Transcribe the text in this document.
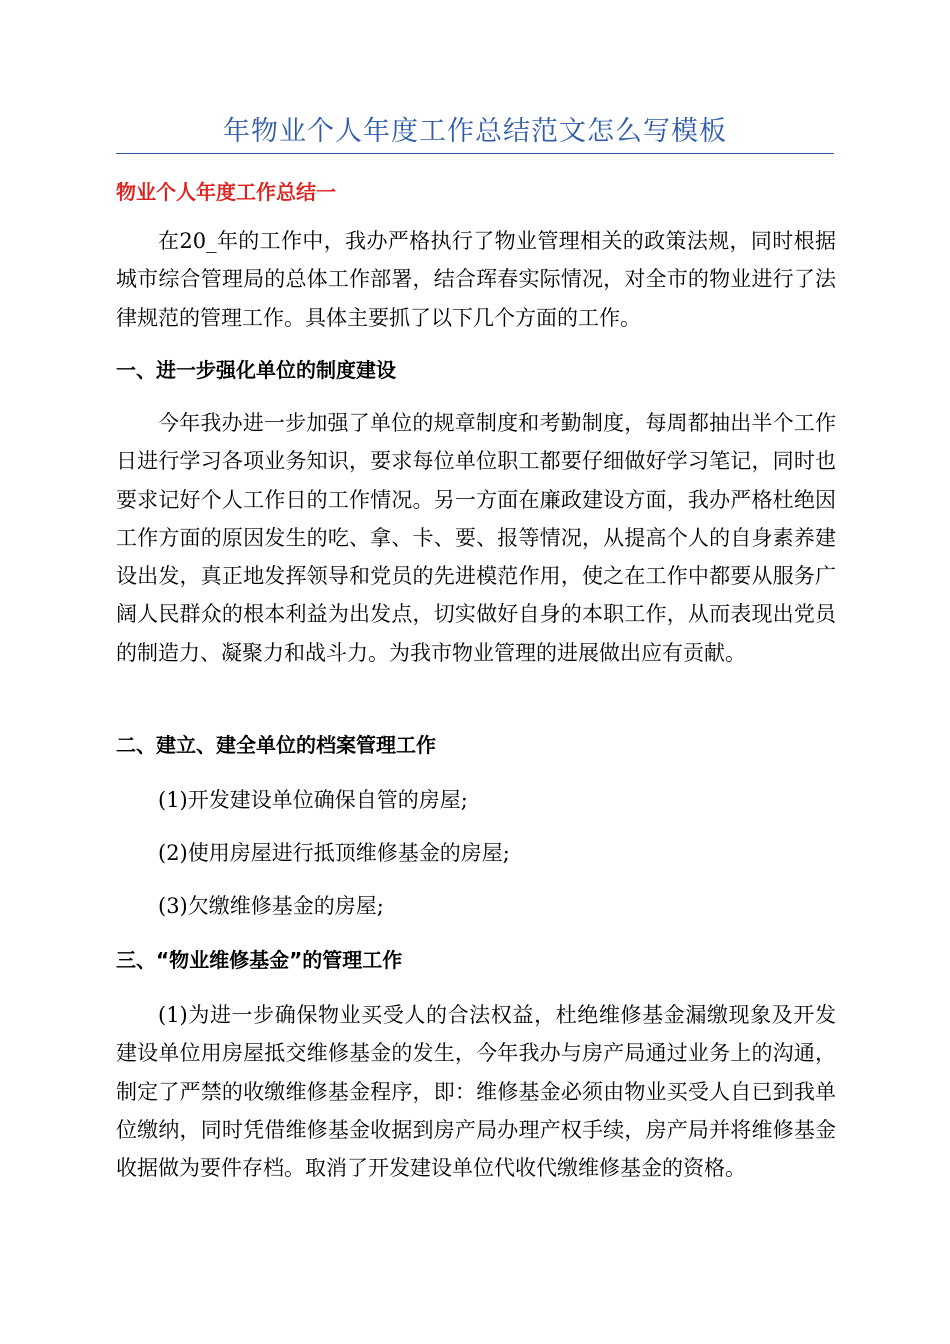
年物业个人年度工作总结范文怎么写模板
物业个人年度工作总结一

在20_年的工作中，我办严格执行了物业管理相关的政策法规，同时根据城市综合管理局的总体工作部署，结合珲春实际情况，对全市的物业进行了法律规范的管理工作。具体主要抓了以下几个方面的工作。

一、进一步强化单位的制度建设

今年我办进一步加强了单位的规章制度和考勤制度，每周都抽出半个工作日进行学习各项业务知识，要求每位单位职工都要仔细做好学习笔记，同时也要求记好个人工作日的工作情况。另一方面在廉政建设方面，我办严格杜绝因工作方面的原因发生的吃、拿、卡、要、报等情况，从提高个人的自身素养建设出发，真正地发挥领导和党员的先进模范作用，使之在工作中都要从服务广阔人民群众的根本利益为出发点，切实做好自身的本职工作，从而表现出党员的制造力、凝聚力和战斗力。为我市物业管理的进展做出应有贡献。

二、建立、建全单位的档案管理工作
(1)开发建设单位确保自管的房屋;
(2)使用房屋进行抵顶维修基金的房屋;
(3)欠缴维修基金的房屋;
三、“物业维修基金”的管理工作

(1)为进一步确保物业买受人的合法权益，杜绝维修基金漏缴现象及开发建设单位用房屋抵交维修基金的发生，今年我办与房产局通过业务上的沟通，制定了严禁的收缴维修基金程序，即：维修基金必须由物业买受人自已到我单位缴纳，同时凭借维修基金收据到房产局办理产权手续，房产局并将维修基金收据做为要件存档。取消了开发建设单位代收代缴维修基金的资格。
